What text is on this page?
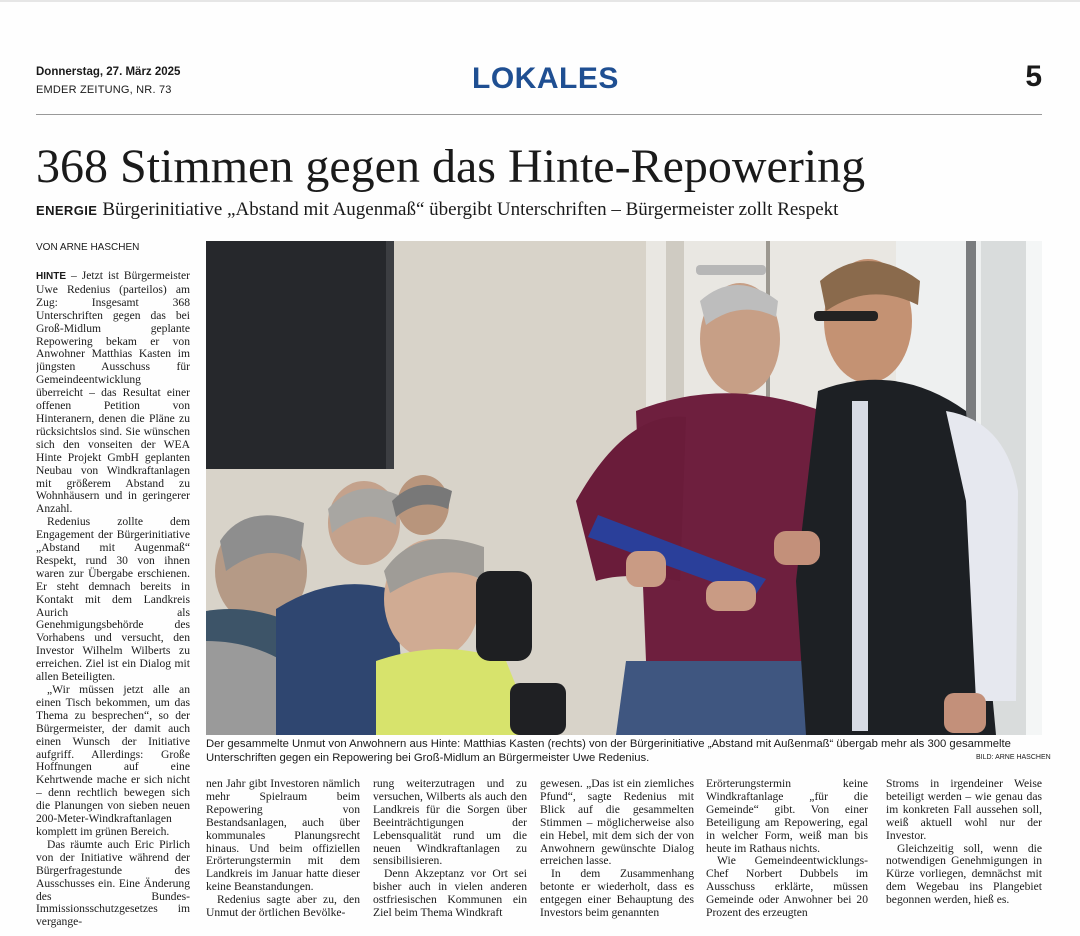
Donnerstag, 27. März 2025
EMDER ZEITUNG, NR. 73	LOKALES	5
368 Stimmen gegen das Hinte-Repowering
ENERGIE Bürgerinitiative „Abstand mit Augenmaß“ übergibt Unterschriften – Bürgermeister zollt Respekt
VON ARNE HASCHEN
Der gesammelte Unmut von Anwohnern aus Hinte: Matthias Kasten (rechts) von der Bürgerinitiative „Abstand mit Außenmaß“ übergab mehr als 300 gesammelte Unterschriften gegen ein Repowering bei Groß-Midlum an Bürgermeister Uwe Redenius.	BILD: ARNE HASCHEN

HINTE – Jetzt ist Bürgermeister Uwe Redenius (parteilos) am Zug: Insgesamt 368 Unterschriften gegen das bei Groß-Midlum geplante Repowering bekam er von Anwohner Matthias Kasten im jüngsten Ausschuss für Gemeindeentwicklung überreicht – das Resultat einer offenen Petition von Hinteranern, denen die Pläne zu rücksichtslos sind. Sie wünschen sich den vonseiten der WEA Hinte Projekt GmbH geplanten Neubau von Windkraftanlagen mit größerem Abstand zu Wohnhäusern und in geringerer Anzahl.

Redenius zollte dem Engagement der Bürgerinitiative „Abstand mit Augenmaß“ Respekt, rund 30 von ihnen waren zur Übergabe erschienen. Er steht demnach bereits in Kontakt mit dem Landkreis Aurich als Genehmigungsbehörde des Vorhabens und versucht, den Investor Wilhelm Wilberts zu erreichen. Ziel ist ein Dialog mit allen Beteiligten.

„Wir müssen jetzt alle an einen Tisch bekommen, um das Thema zu besprechen“, so der Bürgermeister, der damit auch einen Wunsch der Initiative aufgriff. Allerdings: Große Hoffnungen auf eine Kehrtwende mache er sich nicht – denn rechtlich bewegen sich die Planungen von sieben neuen 200-Meter-Windkraftanlagen komplett im grünen Bereich.

Das räumte auch Eric Pirlich von der Initiative während der Bürgerfragestunde des Ausschusses ein. Eine Änderung des Bundes-Immissionsschutzgesetzes im vergange-

nen Jahr gibt Investoren nämlich mehr Spielraum beim Repowering von Bestandsanlagen, auch über kommunales Planungsrecht hinaus. Und beim offiziellen Erörterungstermin mit dem Landkreis im Januar hatte dieser keine Beanstandungen.

Redenius sagte aber zu, den Unmut der örtlichen Bevölke-

rung weiterzutragen und zu versuchen, Wilberts als auch den Landkreis für die Sorgen über Beeinträchtigungen der Lebensqualität rund um die neuen Windkraftanlagen zu sensibilisieren.

Denn Akzeptanz vor Ort sei bisher auch in vielen anderen ostfriesischen Kommunen ein Ziel beim Thema Windkraft

gewesen. „Das ist ein ziemliches Pfund“, sagte Redenius mit Blick auf die gesammelten Stimmen – möglicherweise also ein Hebel, mit dem sich der von Anwohnern gewünschte Dialog erreichen lasse.

In dem Zusammenhang betonte er wiederholt, dass es entgegen einer Behauptung des Investors beim genannten

Erörterungstermin keine Windkraftanlage „für die Gemeinde“ gibt. Von einer Beteiligung am Repowering, egal in welcher Form, weiß man bis heute im Rathaus nichts.

Wie Gemeindeentwicklungs-Chef Norbert Dubbels im Ausschuss erklärte, müssen Gemeinde oder Anwohner bei 20 Prozent des erzeugten

Stroms in irgendeiner Weise beteiligt werden – wie genau das im konkreten Fall aussehen soll, weiß aktuell wohl nur der Investor.

Gleichzeitig soll, wenn die notwendigen Genehmigungen in Kürze vorliegen, demnächst mit dem Wegebau ins Plangebiet begonnen werden, hieß es.
